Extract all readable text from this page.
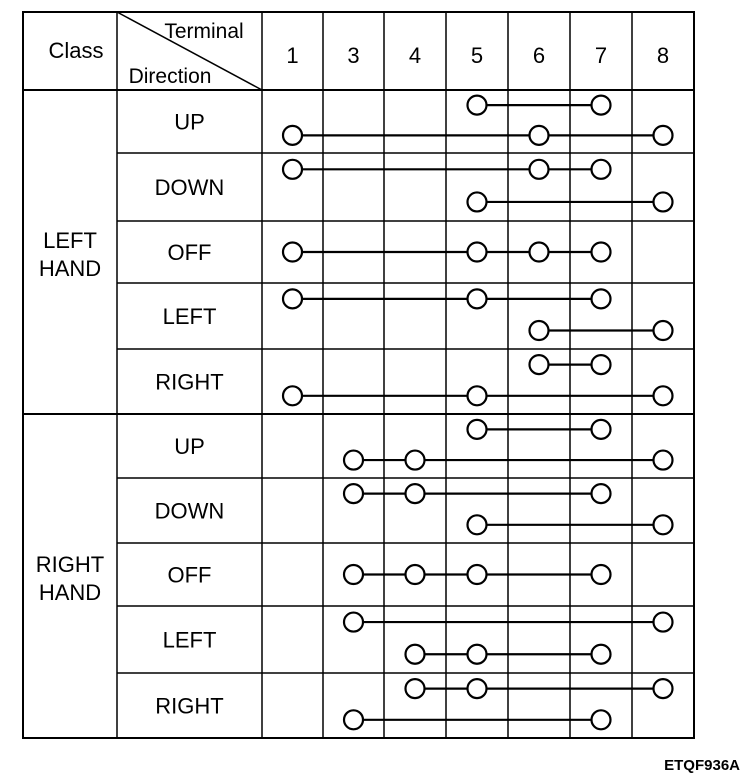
Class
Terminal
Direction
1 3 4 5 6 7 8
LEFT
HAND
RIGHT
HAND
UP
DOWN
OFF
LEFT
RIGHT
UP
DOWN
OFF
LEFT
RIGHT
ETQF936A
